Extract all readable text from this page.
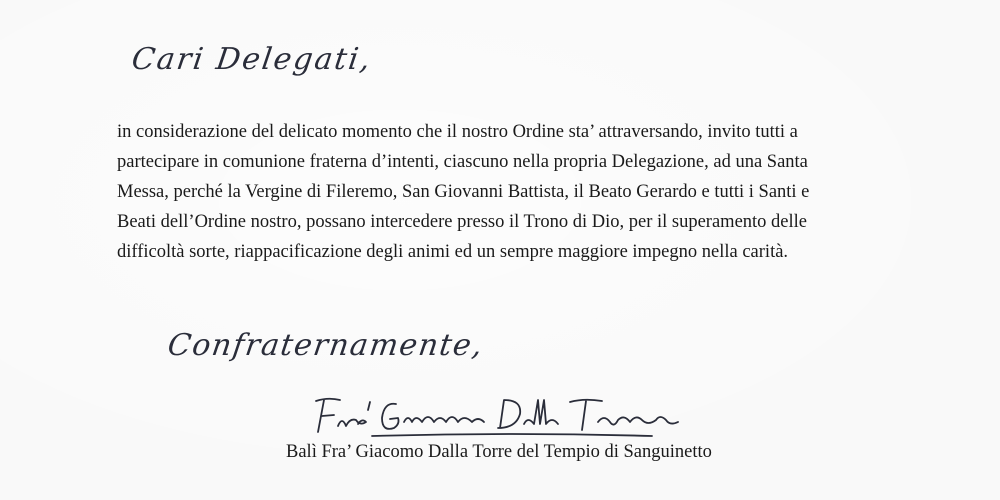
Cari Delegati,
in considerazione del delicato momento che il nostro Ordine sta’ attraversando, invito tutti a
partecipare in comunione fraterna d’intenti, ciascuno nella propria Delegazione, ad una Santa
Messa, perché la Vergine di Fileremo, San Giovanni Battista, il Beato Gerardo e tutti i Santi e
Beati dell’Ordine nostro, possano intercedere presso il Trono di Dio, per il superamento delle
difficoltà sorte, riappacificazione degli animi ed un sempre maggiore impegno nella carità.
Confraternamente,
Balì Fra’ Giacomo Dalla Torre del Tempio di Sanguinetto
